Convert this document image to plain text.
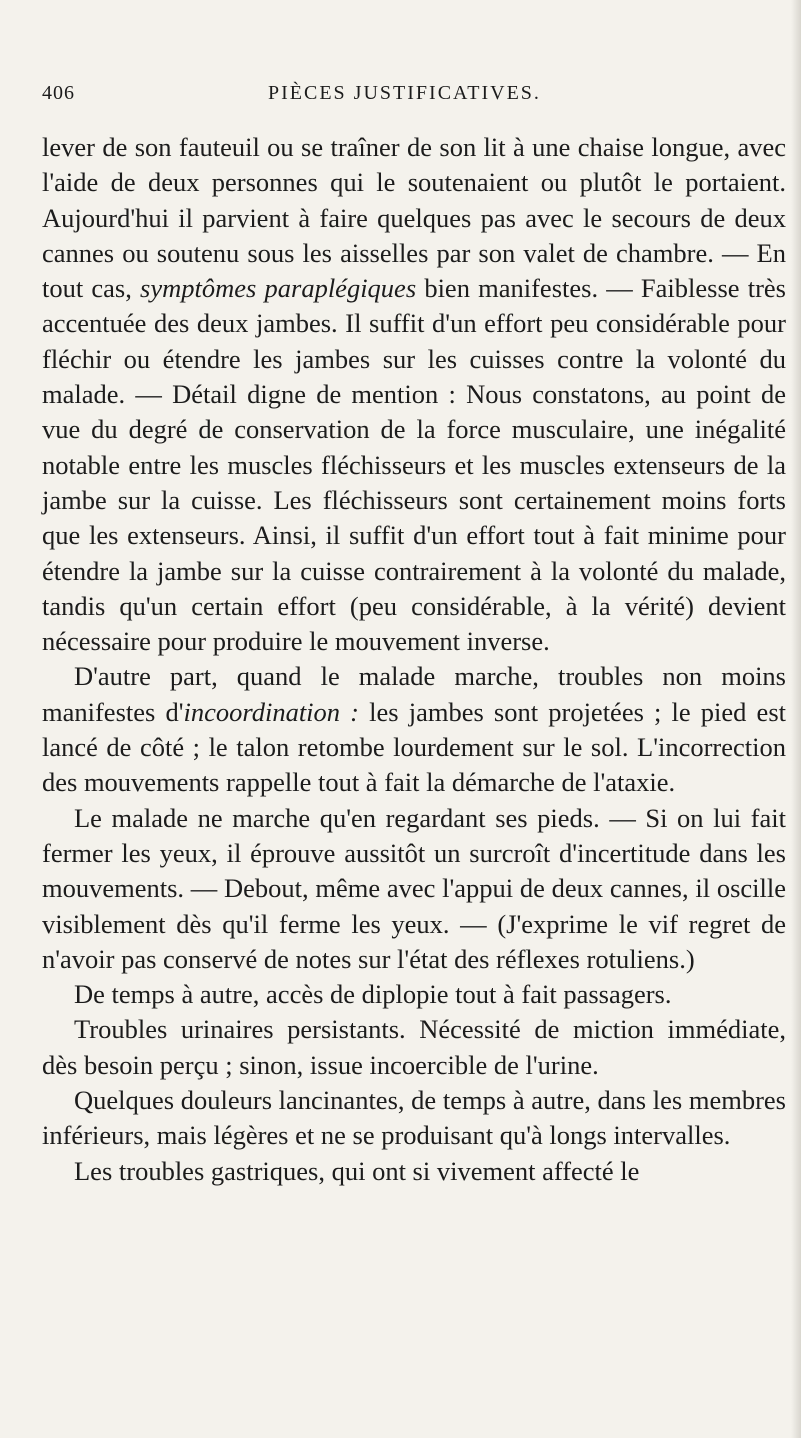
406	PIÈCES JUSTIFICATIVES.

lever de son fauteuil ou se traîner de son lit à une chaise longue, avec l'aide de deux personnes qui le soutenaient ou plutôt le portaient. Aujourd'hui il parvient à faire quelques pas avec le secours de deux cannes ou soutenu sous les aisselles par son valet de chambre. — En tout cas, symptômes paraplégiques bien manifestes. — Faiblesse très accentuée des deux jambes. Il suffit d'un effort peu considérable pour fléchir ou étendre les jambes sur les cuisses contre la volonté du malade. — Détail digne de mention : Nous constatons, au point de vue du degré de conservation de la force musculaire, une inégalité notable entre les muscles fléchisseurs et les muscles extenseurs de la jambe sur la cuisse. Les fléchisseurs sont certainement moins forts que les extenseurs. Ainsi, il suffit d'un effort tout à fait minime pour étendre la jambe sur la cuisse contrairement à la volonté du malade, tandis qu'un certain effort (peu considérable, à la vérité) devient nécessaire pour produire le mouvement inverse.

D'autre part, quand le malade marche, troubles non moins manifestes d'incoordination : les jambes sont projetées ; le pied est lancé de côté ; le talon retombe lourdement sur le sol. L'incorrection des mouvements rappelle tout à fait la démarche de l'ataxie.

Le malade ne marche qu'en regardant ses pieds. — Si on lui fait fermer les yeux, il éprouve aussitôt un surcroît d'incertitude dans les mouvements. — Debout, même avec l'appui de deux cannes, il oscille visiblement dès qu'il ferme les yeux. — (J'exprime le vif regret de n'avoir pas conservé de notes sur l'état des réflexes rotuliens.)

De temps à autre, accès de diplopie tout à fait passagers.

Troubles urinaires persistants. Nécessité de miction immédiate, dès besoin perçu ; sinon, issue incoercible de l'urine.

Quelques douleurs lancinantes, de temps à autre, dans les membres inférieurs, mais légères et ne se produisant qu'à longs intervalles.

Les troubles gastriques, qui ont si vivement affecté le
